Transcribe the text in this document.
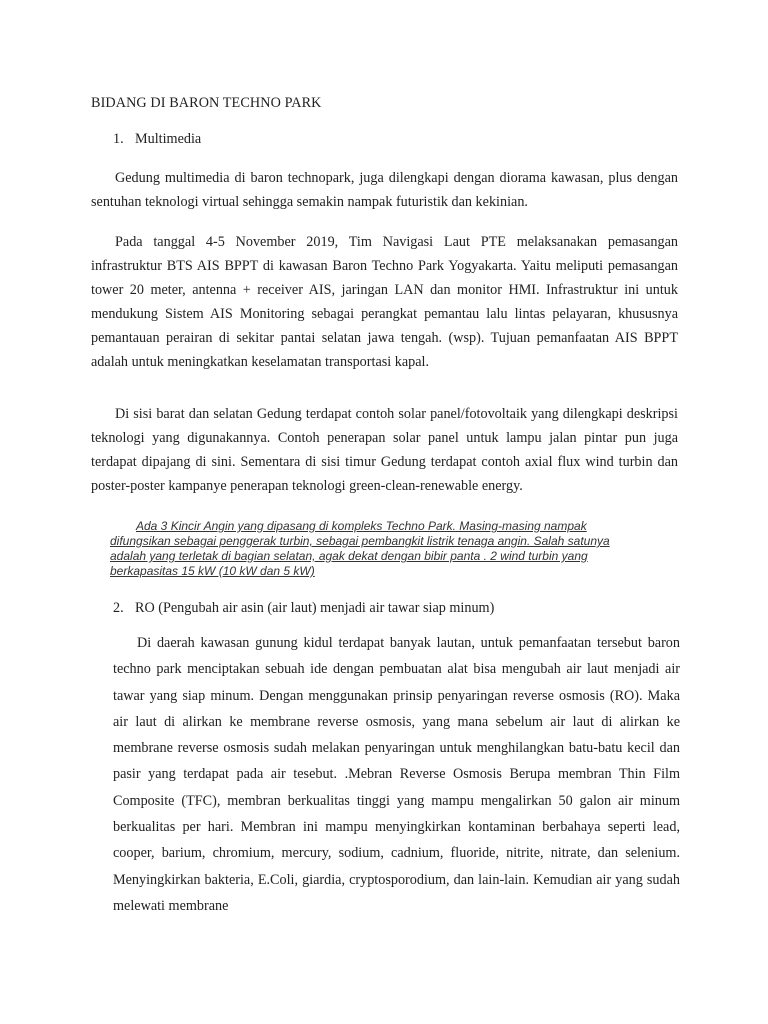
BIDANG DI BARON TECHNO PARK

1. Multimedia

Gedung multimedia di baron technopark, juga dilengkapi dengan diorama kawasan, plus dengan sentuhan teknologi virtual sehingga semakin nampak futuristik dan kekinian.

Pada tanggal 4-5 November 2019, Tim Navigasi Laut PTE melaksanakan pemasangan infrastruktur BTS AIS BPPT di kawasan Baron Techno Park Yogyakarta. Yaitu meliputi pemasangan tower 20 meter, antenna + receiver AIS, jaringan LAN dan monitor HMI. Infrastruktur ini untuk mendukung Sistem AIS Monitoring sebagai perangkat pemantau lalu lintas pelayaran, khususnya pemantauan perairan di sekitar pantai selatan jawa tengah. (wsp). Tujuan pemanfaatan AIS BPPT adalah untuk meningkatkan keselamatan transportasi kapal.

Di sisi barat dan selatan Gedung terdapat contoh solar panel/fotovoltaik yang dilengkapi deskripsi teknologi yang digunakannya. Contoh penerapan solar panel untuk lampu jalan pintar pun juga terdapat dipajang di sini. Sementara di sisi timur Gedung terdapat contoh axial flux wind turbin dan poster-poster kampanye penerapan teknologi green-clean-renewable energy.

Ada 3 Kincir Angin yang dipasang di kompleks Techno Park. Masing-masing nampak
difungsikan sebagai penggerak turbin, sebagai pembangkit listrik tenaga angin. Salah satunya
adalah yang terletak di bagian selatan, agak dekat dengan bibir panta . 2 wind turbin yang
berkapasitas 15 kW (10 kW dan 5 kW)

2. RO (Pengubah air asin (air laut) menjadi air tawar siap minum)

Di daerah kawasan gunung kidul terdapat banyak lautan, untuk pemanfaatan tersebut baron techno park menciptakan sebuah ide dengan pembuatan alat bisa mengubah air laut menjadi air tawar yang siap minum. Dengan menggunakan prinsip penyaringan reverse osmosis (RO). Maka air laut di alirkan ke membrane reverse osmosis, yang mana sebelum air laut di alirkan ke membrane reverse osmosis sudah melakan penyaringan untuk menghilangkan batu-batu kecil dan pasir yang terdapat pada air tesebut. .Mebran Reverse Osmosis Berupa membran Thin Film Composite (TFC), membran berkualitas tinggi yang mampu mengalirkan 50 galon air minum berkualitas per hari. Membran ini mampu menyingkirkan kontaminan berbahaya seperti lead, cooper, barium, chromium, mercury, sodium, cadnium, fluoride, nitrite, nitrate, dan selenium. Menyingkirkan bakteria, E.Coli, giardia, cryptosporodium, dan lain-lain. Kemudian air yang sudah melewati membrane
